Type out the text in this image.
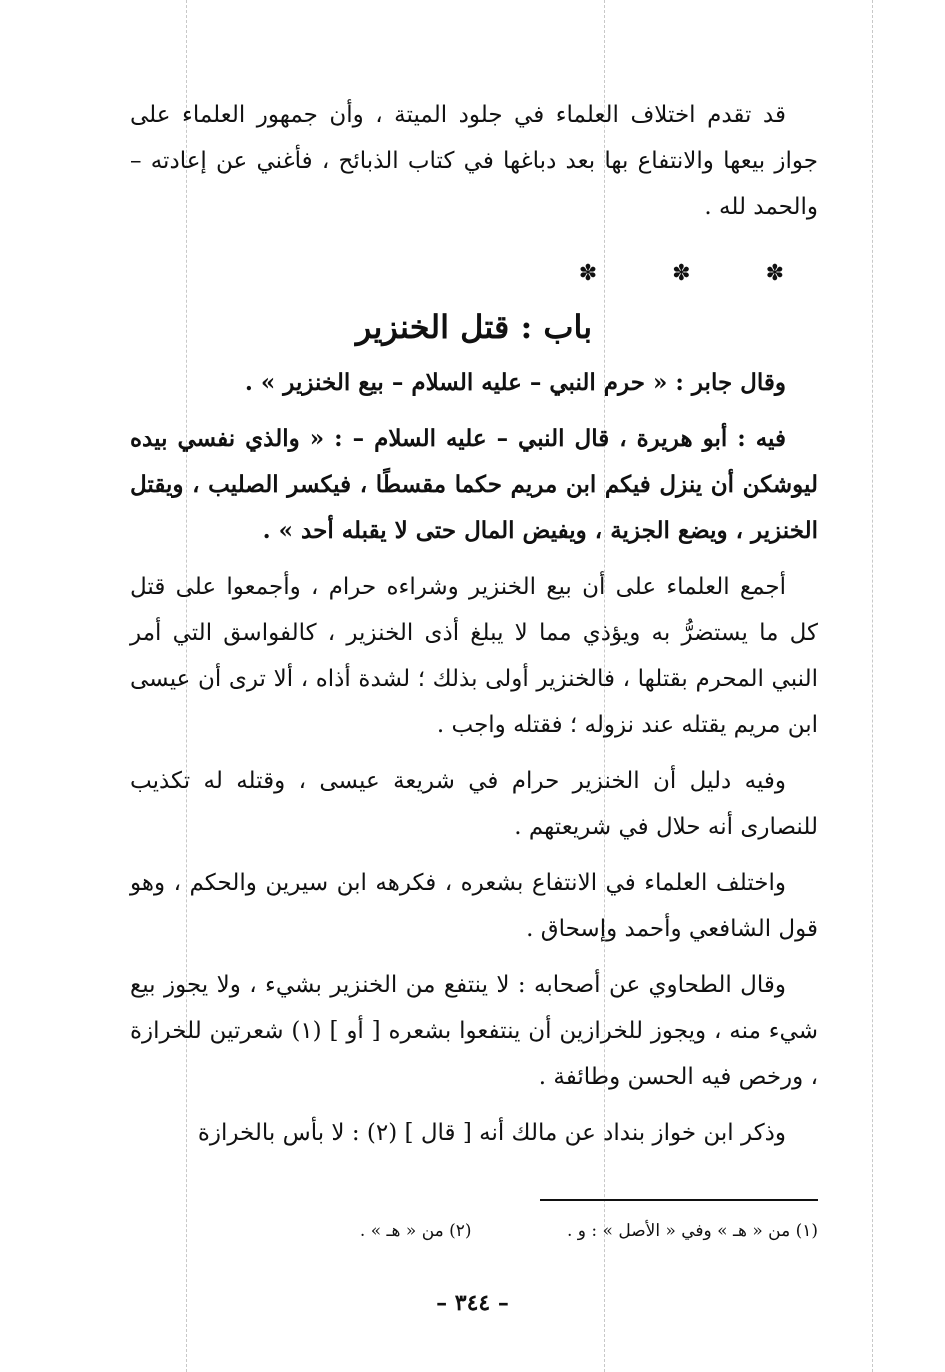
قد تقدم اختلاف العلماء في جلود الميتة ، وأن جمهور العلماء على جواز بيعها والانتفاع بها بعد دباغها في كتاب الذبائح ، فأغني عن إعادته – والحمد لله .

✽ ✽ ✽
باب : قتل الخنزير

وقال جابر : « حرم النبي – عليه السلام – بيع الخنزير » .

فيه : أبو هريرة ، قال النبي – عليه السلام – : « والذي نفسي بيده ليوشكن أن ينزل فيكم ابن مريم حكما مقسطًا ، فيكسر الصليب ، ويقتل الخنزير ، ويضع الجزية ، ويفيض المال حتى لا يقبله أحد » .

أجمع العلماء على أن بيع الخنزير وشراءه حرام ، وأجمعوا على قتل كل ما يستضرُّ به ويؤذي مما لا يبلغ أذى الخنزير ، كالفواسق التي أمر النبي المحرم بقتلها ، فالخنزير أولى بذلك ؛ لشدة أذاه ، ألا ترى أن عيسى ابن مريم يقتله عند نزوله ؛ فقتله واجب .

وفيه دليل أن الخنزير حرام في شريعة عيسى ، وقتله له تكذيب للنصارى أنه حلال في شريعتهم .

واختلف العلماء في الانتفاع بشعره ، فكرهه ابن سيرين والحكم ، وهو قول الشافعي وأحمد وإسحاق .

وقال الطحاوي عن أصحابه : لا ينتفع من الخنزير بشيء ، ولا يجوز بيع شيء منه ، ويجوز للخرازين أن ينتفعوا بشعره [ أو ] (١) شعرتين للخرازة ، ورخص فيه الحسن وطائفة .

وذكر ابن خواز بنداد عن مالك أنه [ قال ] (٢) : لا بأس بالخرازة

(١) من « هـ » وفي « الأصل » : و . (٢) من « هـ » .
– ٣٤٤ –
